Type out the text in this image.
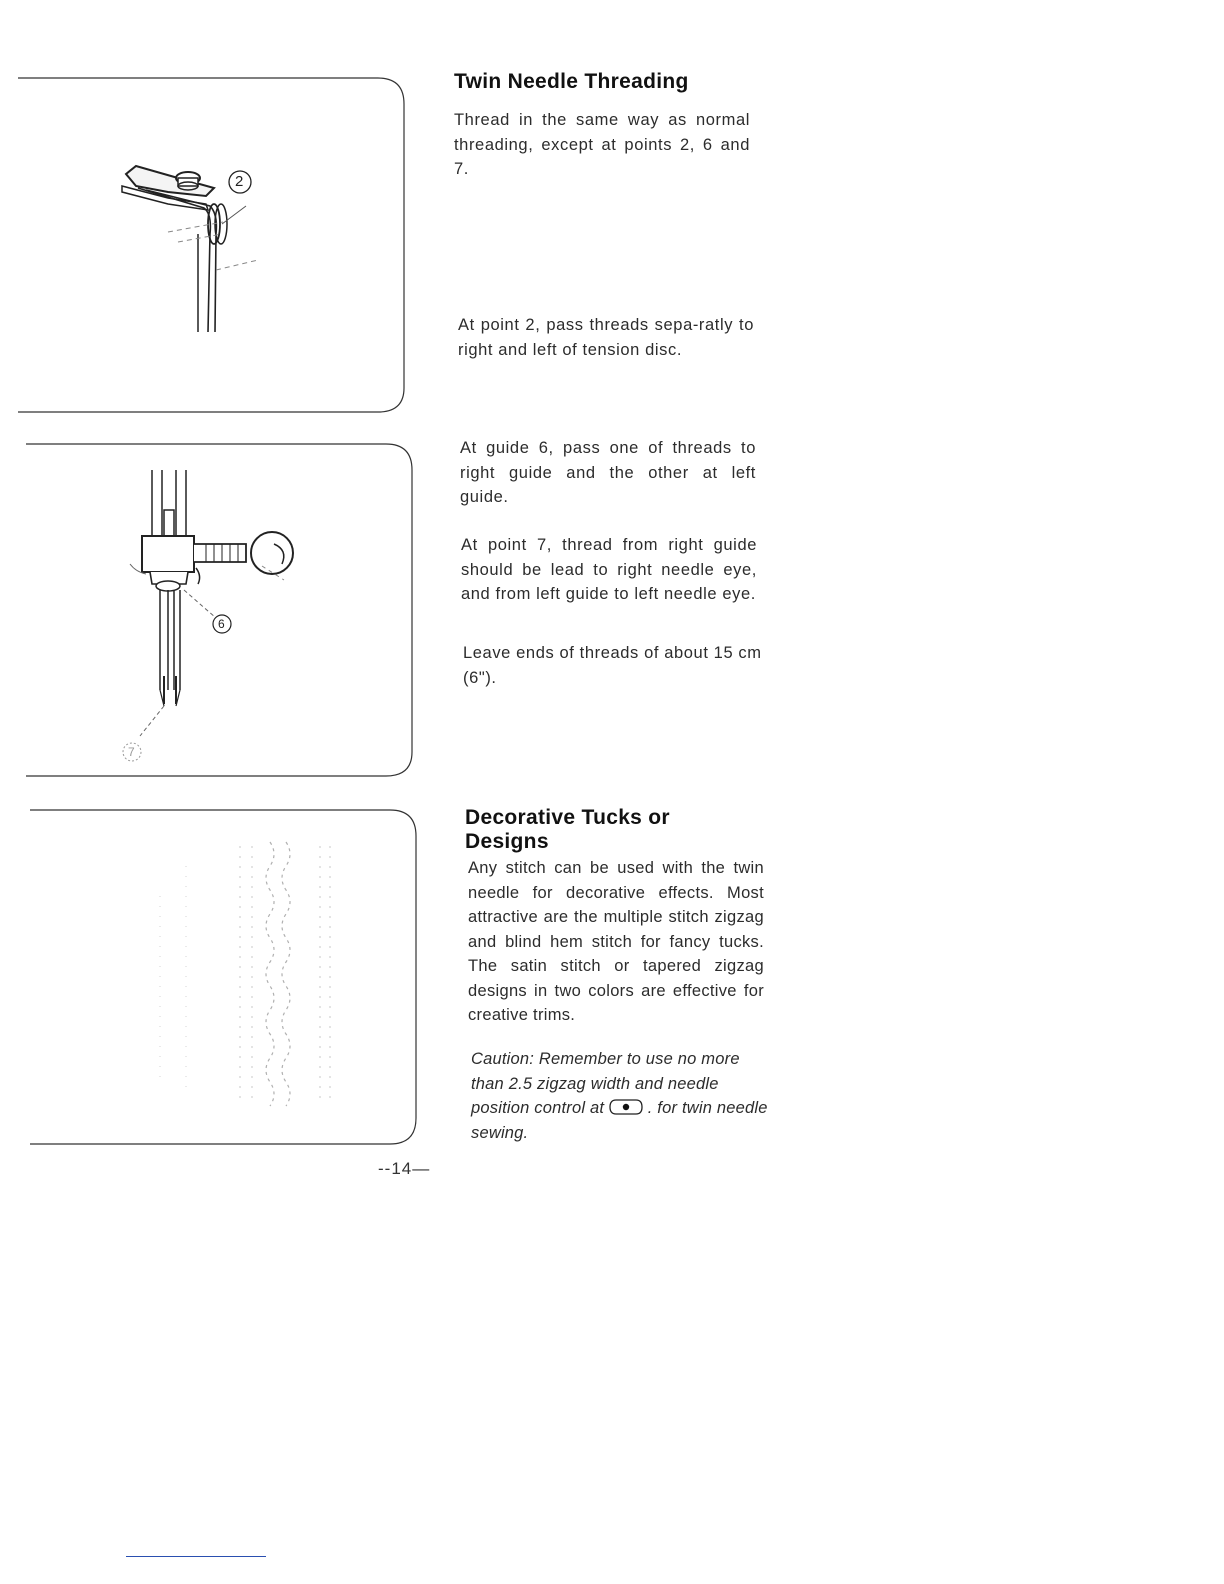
2
6
7
Twin Needle Threading

Thread in the same way as normal threading, except at points 2, 6 and 7.

At point 2, pass threads sepa-ratly to right and left of tension disc.

At guide 6, pass one of threads to right guide and the other at left guide.

At point 7, thread from right guide should be lead to right needle eye, and from left guide to left needle eye.

Leave ends of threads of about 15 cm (6").

Decorative Tucks or
Designs

Any stitch can be used with the twin needle for decorative effects. Most attractive are the multiple stitch zigzag and blind hem stitch for fancy tucks. The satin stitch or tapered zigzag designs in two colors are effective for creative trims.

Caution: Remember to use no more than 2.5 zigzag width and needle position control at	. for twin needle sewing.

--14—
